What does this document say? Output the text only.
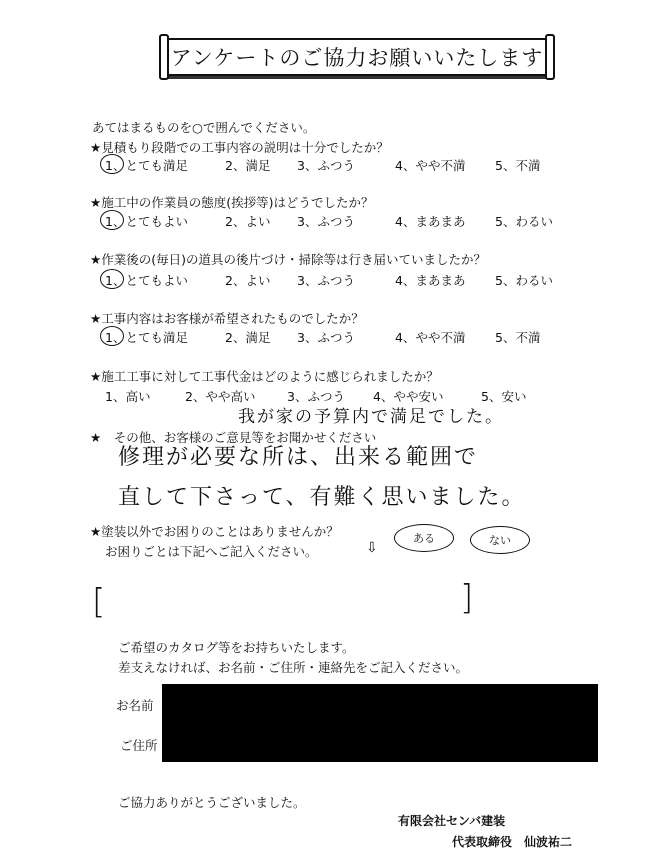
アンケートのご協力お願いいたします
あてはまるものを○で囲んでください。
★見積もり段階での工事内容の説明は十分でしたか？
1、とても満足	2、満足 3、ふつう	4、やや不満 5、不満
★施工中の作業員の態度(挨拶等)はどうでしたか？
1、とてもよい	2、よい 3、ふつう	4、まあまあ 5、わるい
★作業後の(毎日)の道具の後片づけ・掃除等は行き届いていましたか？
1、とてもよい	2、よい 3、ふつう	4、まあまあ 5、わるい
★工事内容はお客様が希望されたものでしたか？
1、とても満足	2、満足 3、ふつう	4、やや不満 5、不満
★施工工事に対して工事代金はどのように感じられましたか？
1、高い	2、やや高い	3、ふつう 4、やや安い	5、安い
★　その他、お客様のご意見等をお聞かせください
我が家の予算内で満足でした。
修理が必要な所は、出来る範囲で
直して下さって、有難く思いました。
★塗装以外でお困りのことはありませんか？
お困りごとは下記へご記入ください。	⇩
ある	ない
[	]
ご希望のカタログ等をお持ちいたします。
差支えなければ、お名前・ご住所・連絡先をご記入ください。
お名前
ご住所
ご協力ありがとうございました。
有限会社センバ建装
代表取締役　仙波祐二
